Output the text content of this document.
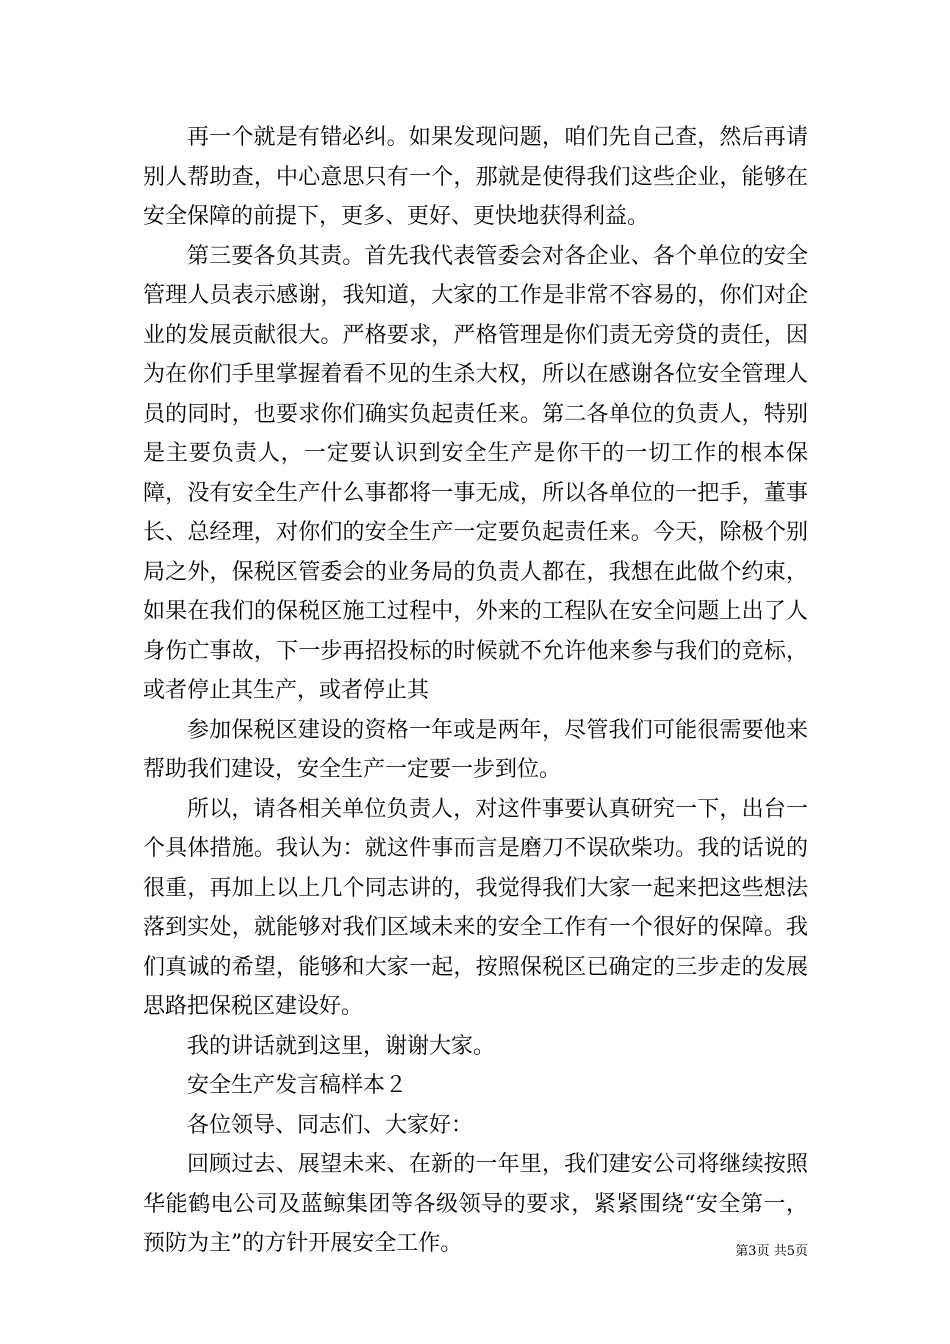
再一个就是有错必纠。如果发现问题，咱们先自己查，然后再请别人帮助查，中心意思只有一个，那就是使得我们这些企业，能够在安全保障的前提下，更多、更好、更快地获得利益。

第三要各负其责。首先我代表管委会对各企业、各个单位的安全管理人员表示感谢，我知道，大家的工作是非常不容易的，你们对企业的发展贡献很大。严格要求，严格管理是你们责无旁贷的责任，因为在你们手里掌握着看不见的生杀大权，所以在感谢各位安全管理人员的同时，也要求你们确实负起责任来。第二各单位的负责人，特别是主要负责人，一定要认识到安全生产是你干的一切工作的根本保障，没有安全生产什么事都将一事无成，所以各单位的一把手，董事长、总经理，对你们的安全生产一定要负起责任来。今天，除极个别局之外，保税区管委会的业务局的负责人都在，我想在此做个约束，如果在我们的保税区施工过程中，外来的工程队在安全问题上出了人身伤亡事故，下一步再招投标的时候就不允许他来参与我们的竞标，或者停止其生产，或者停止其

参加保税区建设的资格一年或是两年，尽管我们可能很需要他来帮助我们建设，安全生产一定要一步到位。

所以，请各相关单位负责人，对这件事要认真研究一下，出台一个具体措施。我认为：就这件事而言是磨刀不误砍柴功。我的话说的很重，再加上以上几个同志讲的，我觉得我们大家一起来把这些想法落到实处，就能够对我们区域未来的安全工作有一个很好的保障。我们真诚的希望，能够和大家一起，按照保税区已确定的三步走的发展思路把保税区建设好。

我的讲话就到这里，谢谢大家。

安全生产发言稿样本２

各位领导、同志们、大家好：

回顾过去、展望未来、在新的一年里，我们建安公司将继续按照华能鹤电公司及蓝鲸集团等各级领导的要求，紧紧围绕“安全第一，预防为主”的方针开展安全工作。	第3页 共5页
